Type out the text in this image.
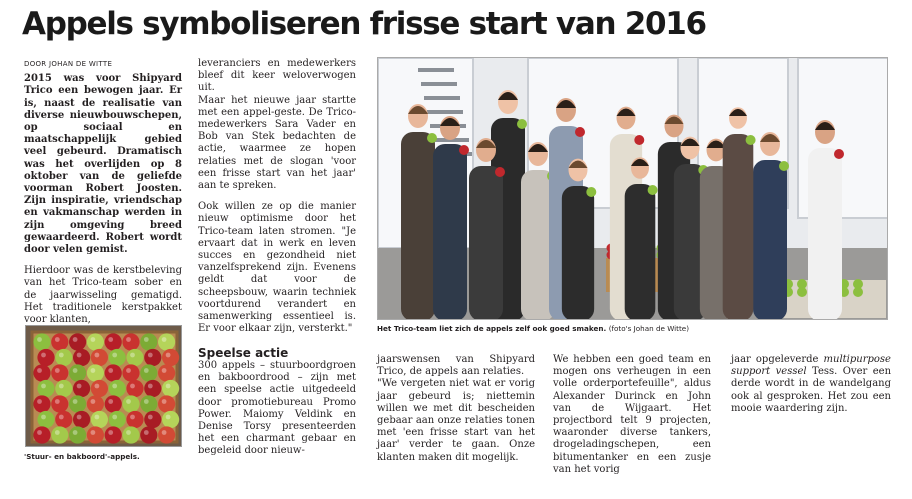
Appels symboliseren frisse start van 2016
DOOR JOHAN DE WITTE

2015 was voor Shipyard Trico een bewogen jaar. Er is, naast de realisatie van diverse nieuwbouwschepen, op sociaal en maatschappelijk gebied veel gebeurd. Dramatisch was het overlijden op 8 oktober van de geliefde voorman Robert Joosten. Zijn inspiratie, vriendschap en vakmanschap werden in zijn omgeving breed gewaardeerd. Robert wordt door velen gemist.

Hierdoor was de kerstbeleving van het Trico-team sober en de jaarwisseling gematigd. Het traditionele kerstpakket voor klanten,

'Stuur- en bakboord'-appels.

leveranciers en medewerkers bleef dit keer weloverwogen uit.

Maar het nieuwe jaar startte met een appel-geste. De Trico-medewerkers Sara Vader en Bob van Stek bedachten de actie, waarmee ze hopen relaties met de slogan 'voor een frisse start van het jaar' aan te spreken.

Ook willen ze op die manier nieuw optimisme door het Trico-team laten stromen. "Je ervaart dat in werk en leven succes en gezondheid niet vanzelfsprekend zijn. Evenens geldt dat voor de scheepsbouw, waarin techniek voortdurend verandert en samenwerking essentieel is. Er voor elkaar zijn, versterkt."

Speelse actie

300 appels – stuurboordgroen en bakboordrood – zijn met een speelse actie uitgedeeld door promotiebureau Promo Power. Maiomy Veldink en Denise Torsy presenteerden het een charmant gebaar en begeleid door nieuw-

Het Trico-team liet zich de appels zelf ook goed smaken. (foto's Johan de Witte)

jaarswensen van Shipyard Trico, de appels aan relaties.

"We vergeten niet wat er vorig jaar gebeurd is; niettemin willen we met dit bescheiden gebaar aan onze relaties tonen met 'een frisse start van het jaar' verder te gaan. Onze klanten maken dit mogelijk.

We hebben een goed team en mogen ons verheugen in een volle orderportefeuille", aldus Alexander Durinck en John van de Wijgaart. Het projectbord telt 9 projecten, waaronder diverse tankers, drogeladingschepen, een bitumentanker en een zusje van het vorig

jaar opgeleverde multipurpose support vessel Tess. Over een derde wordt in de wandelgang ook al gesproken. Het zou een mooie waardering zijn.
